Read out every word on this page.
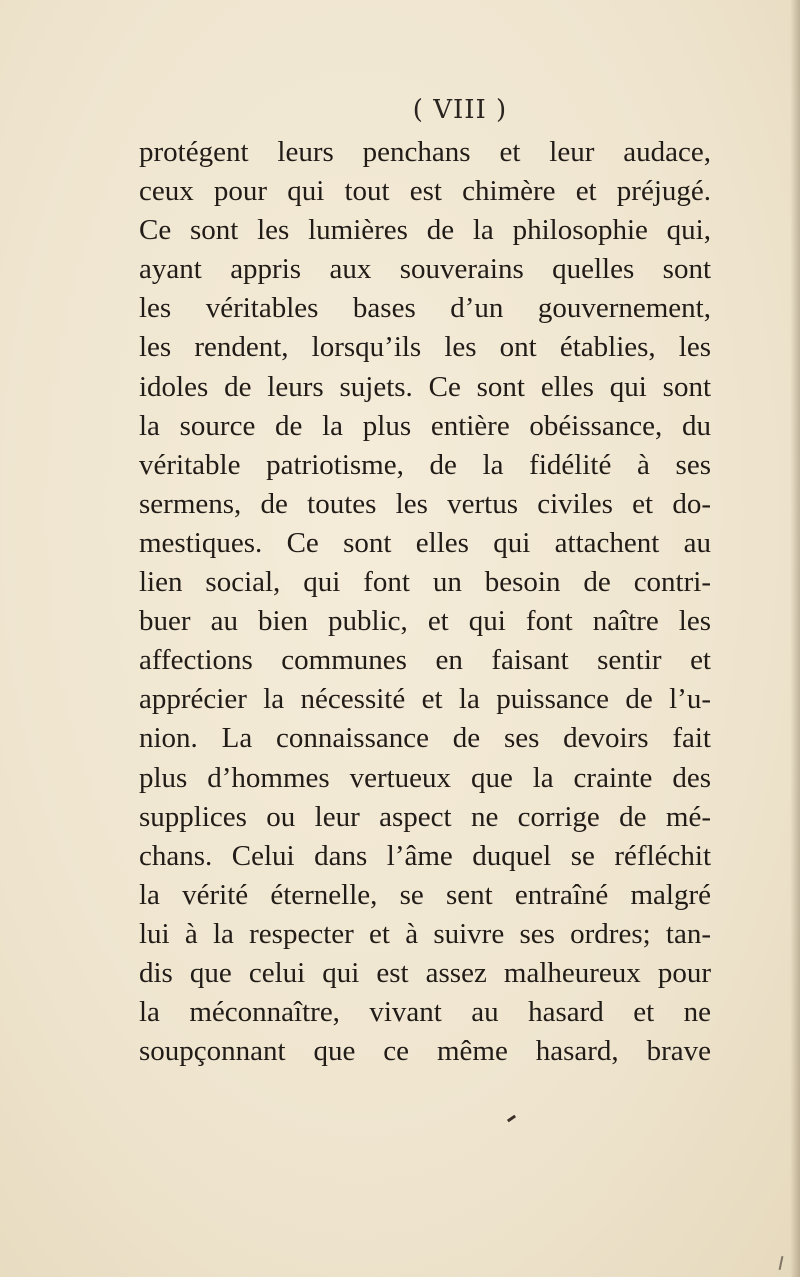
( VIII )
protégent leurs penchans et leur audace,
ceux pour qui tout est chimère et préjugé.
Ce sont les lumières de la philosophie qui,
ayant appris aux souverains quelles sont
les véritables bases d’un gouvernement,
les rendent, lorsqu’ils les ont établies, les
idoles de leurs sujets. Ce sont elles qui sont
la source de la plus entière obéissance, du
véritable patriotisme, de la fidélité à ses
sermens, de toutes les vertus civiles et do-
mestiques. Ce sont elles qui attachent au
lien social, qui font un besoin de contri-
buer au bien public, et qui font naître les
affections communes en faisant sentir et
apprécier la nécessité et la puissance de l’u-
nion. La connaissance de ses devoirs fait
plus d’hommes vertueux que la crainte des
supplices ou leur aspect ne corrige de mé-
chans. Celui dans l’âme duquel se réfléchit
la vérité éternelle, se sent entraîné malgré
lui à la respecter et à suivre ses ordres; tan-
dis que celui qui est assez malheureux pour
la méconnaître, vivant au hasard et ne
soupçonnant que ce même hasard, brave
